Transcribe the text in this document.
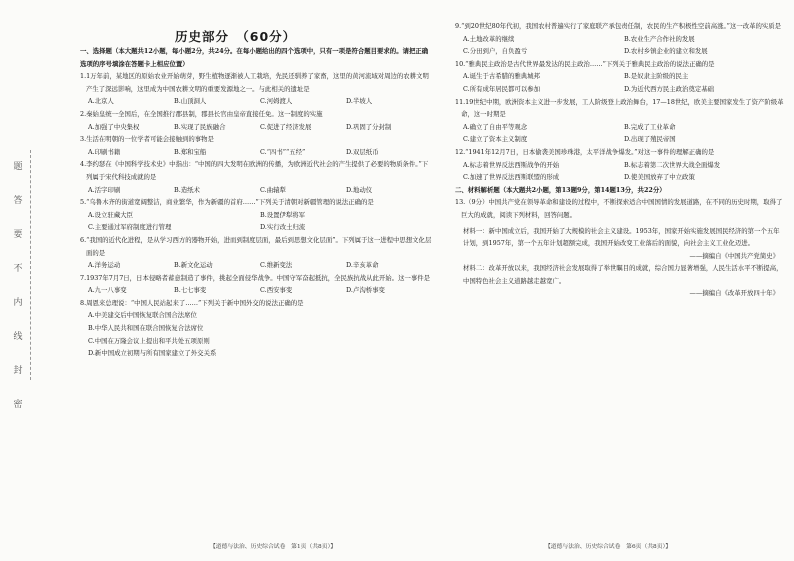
题
答
要
不
内
线
封
密
历史部分　（60分）
一、选择题（本大题共12小题，每小题2分，共24分。在每小题给出的四个选项中，只有一项是符合题目要求的。请把正确选项的序号填涂在答题卡上相应位置）
1.1万年前，某地区的原始农业开始萌芽，野生植物逐渐被人工栽培，先民还驯养了家畜，这里的黄河流域对周边的农耕文明产生了深远影响，这里成为中国农耕文明的重要发源地之一。与此相关的遗址是
A.北京人	B.山顶洞人	C.河姆渡人	D.半坡人
2.秦始皇统一全国后，在全国推行郡县制，郡县长官由皇帝直接任免。这一制度的实施
A.加强了中央集权	B.实现了民族融合	C.促进了经济发展	D.巩固了分封制
3.生活在明朝的一位学者可能会接触到的事物是
A.印刷书籍	B.郑和宝船	C.“四书”“五经”	D.双层纸币
4.李约瑟在《中国科学技术史》中指出：“中国的四大发明在欧洲的传播，为欧洲近代社会的产生提供了必要的物质条件。”下列属于宋代科技成就的是
A.活字印刷	B.造纸术	C.曲辕犁	D.地动仪
5.“乌鲁木齐的街道宽阔整洁，商业繁华，作为新疆的首府……”下列关于清朝对新疆管理的说法正确的是
A.设立驻藏大臣	B.设置伊犁将军
C.主要通过军府制度进行管理	D.实行改土归流
6.“我国的近代化进程，是从学习西方的器物开始，进而到制度层面，最后到思想文化层面”。下列属于这一进程中思想文化层面的是
A.洋务运动	B.新文化运动	C.维新变法	D.辛亥革命
7.1937年7月7日，日本侵略者蓄意制造了事件，挑起全面侵华战争。中国守军奋起抵抗，全民族抗战从此开始。这一事件是
A.九一八事变	B.七七事变	C.西安事变	D.卢沟桥事变
8.周恩来总理说：“中国人民站起来了……”下列关于新中国外交的说法正确的是
A.中美建交后中国恢复联合国合法席位
B.中华人民共和国在联合国恢复合法席位
C.中国在万隆会议上提出和平共处五项原则
D.新中国成立初期与所有国家建立了外交关系
9.“到20世纪80年代初，我国农村普遍实行了家庭联产承包责任制，农民的生产积极性空前高涨。”这一改革的实质是
A.土地改革的继续	B.农业生产合作社的发展
C.分田到户，自负盈亏	D.农村乡镇企业的建立和发展
10.“雅典民主政治是古代世界最发达的民主政治……”下列关于雅典民主政治的说法正确的是
A.诞生于古希腊的雅典城邦	B.是奴隶主阶级的民主
C.所有成年居民都可以参加	D.为近代西方民主政治奠定基础
11.19世纪中期，欧洲资本主义进一步发展，工人阶级登上政治舞台，17—18世纪，欧美主要国家发生了资产阶级革命，这一时期是
A.确立了自由平等观念	B.完成了工业革命
C.建立了资本主义制度	D.出现了殖民帝国
12.“1941年12月7日，日本偷袭美国珍珠港，太平洋战争爆发。”对这一事件的理解正确的是
A.标志着世界反法西斯战争的开始	B.标志着第二次世界大战全面爆发
C.加速了世界反法西斯联盟的形成	D.使美国放弃了中立政策
二、材料解析题（本大题共2小题，第13题9分，第14题13分，共22分）
13.（9分）中国共产党在领导革命和建设的过程中，不断探索适合中国国情的发展道路，在不同的历史时期，取得了巨大的成就，阅读下列材料，回答问题。
材料一：新中国成立后，我国开始了大规模的社会主义建设。1953年，国家开始实施发展国民经济的第一个五年计划，到1957年，第一个五年计划超额完成，我国开始改变工业落后的面貌，向社会主义工业化迈进。
——摘编自《中国共产党简史》
材料二：改革开放以来，我国经济社会发展取得了举世瞩目的成就，综合国力显著增强，人民生活水平不断提高，中国特色社会主义道路越走越宽广。
——摘编自《改革开放四十年》
【道德与法治、历史综合试卷　第1页（共8页）】	【道德与法治、历史综合试卷　第6页（共8页）】
